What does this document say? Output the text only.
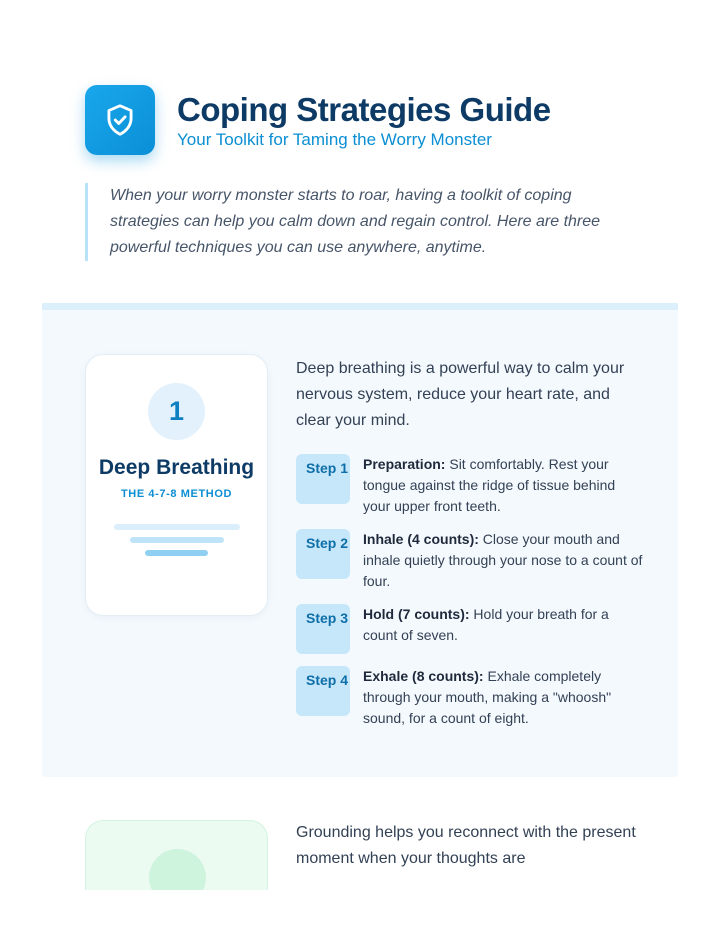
Coping Strategies Guide
Your Toolkit for Taming the Worry Monster
When your worry monster starts to roar, having a toolkit of coping strategies can help you calm down and regain control. Here are three powerful techniques you can use anywhere, anytime.
1
Deep Breathing
THE 4-7-8 METHOD

Deep breathing is a powerful way to calm your nervous system, reduce your heart rate, and clear your mind.

Step 1 Preparation: Sit comfortably. Rest your tongue against the ridge of tissue behind your upper front teeth.
Step 2 Inhale (4 counts): Close your mouth and inhale quietly through your nose to a count of four.
Step 3 Hold (7 counts): Hold your breath for a count of seven.
Step 4 Exhale (8 counts): Exhale completely through your mouth, making a "whoosh" sound, for a count of eight.

Grounding helps you reconnect with the present moment when your thoughts are
